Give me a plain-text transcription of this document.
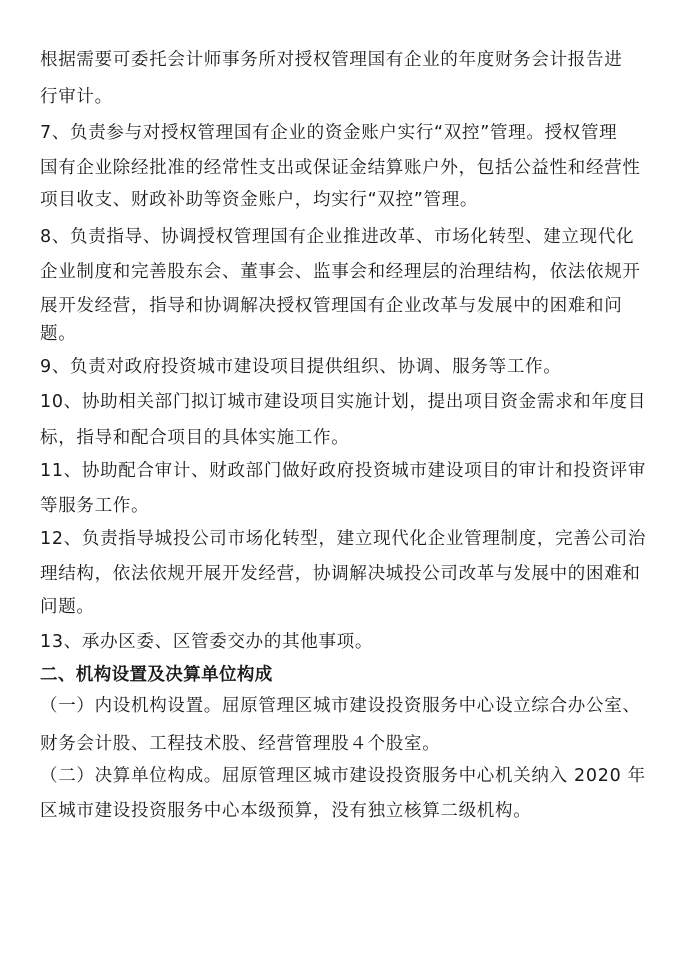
根据需要可委托会计师事务所对授权管理国有企业的年度财务会计报告进
行审计。
7、负责参与对授权管理国有企业的资金账户实行“双控”管理。授权管理
国有企业除经批准的经常性支出或保证金结算账户外，包括公益性和经营性
项目收支、财政补助等资金账户，均实行“双控”管理。
8、负责指导、协调授权管理国有企业推进改革、市场化转型、建立现代化
企业制度和完善股东会、董事会、监事会和经理层的治理结构，依法依规开
展开发经营，指导和协调解决授权管理国有企业改革与发展中的困难和问
题。
9、负责对政府投资城市建设项目提供组织、协调、服务等工作。
10、协助相关部门拟订城市建设项目实施计划，提出项目资金需求和年度目
标，指导和配合项目的具体实施工作。
11、协助配合审计、财政部门做好政府投资城市建设项目的审计和投资评审
等服务工作。
12、负责指导城投公司市场化转型，建立现代化企业管理制度，完善公司治
理结构，依法依规开展开发经营，协调解决城投公司改革与发展中的困难和
问题。
13、承办区委、区管委交办的其他事项。
二、机构设置及决算单位构成
（一）内设机构设置。屈原管理区城市建设投资服务中心设立综合办公室、
财务会计股、工程技术股、经营管理股４个股室。
（二）决算单位构成。屈原管理区城市建设投资服务中心机关纳入 2020 年
区城市建设投资服务中心本级预算，没有独立核算二级机构。
